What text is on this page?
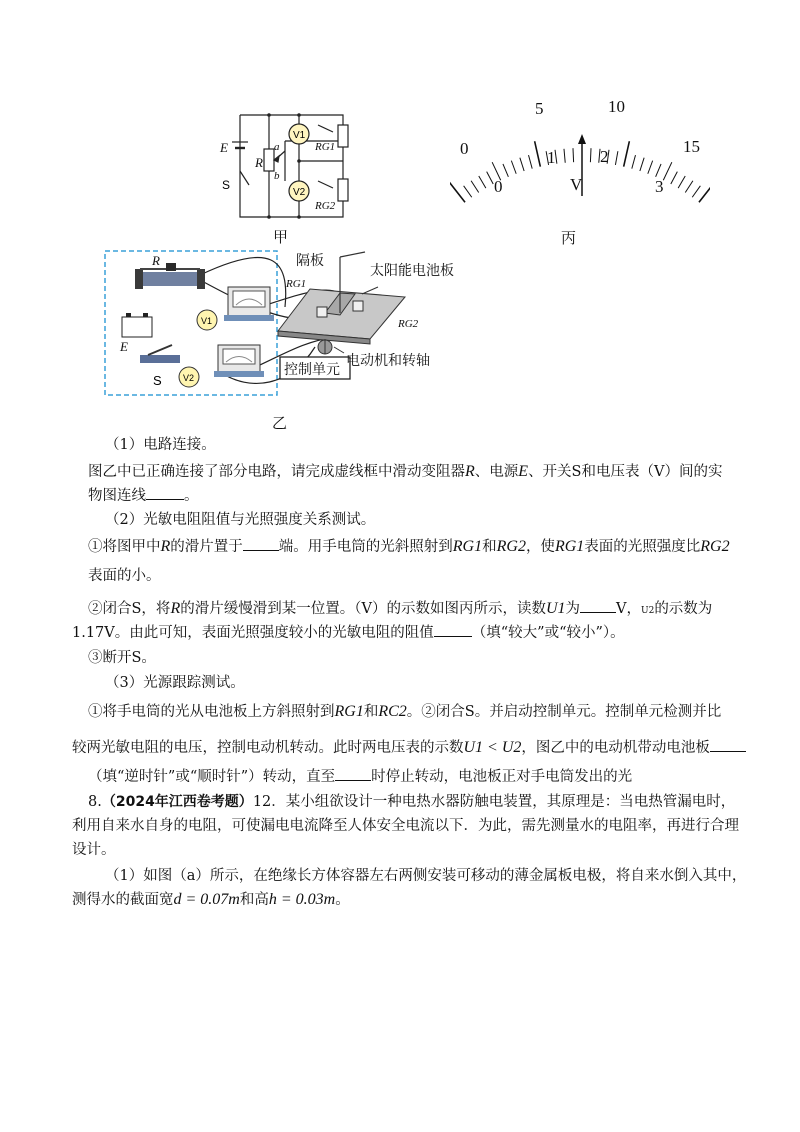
E
R
a
b
RG1
RG2
S
V1
V2
甲
0
5	10
15
0
1	2
3
V
丙
R
E
RG1
RG2
S
V1
V2
隔板
太阳能电池板
电动机和转轴
控制单元
乙
（1）电路连接。
图乙中已正确连接了部分电路，请完成虚线框中滑动变阻器R、电源E、开关S和电压表（V）间的实
物图连线	。
（2）光敏电阻阻值与光照强度关系测试。
①将图甲中R的滑片置于 端。用手电筒的光斜照射到RG1和RG2，使RG1表面的光照强度比RG2
表面的小。
②闭合S，将R的滑片缓慢滑到某一位置。（V）的示数如图丙所示，读数U1为 V，U2的示数为
1.17V。由此可知，表面光照强度较小的光敏电阻的阻值	（填“较大”或“较小”）。
③断开S。
（3）光源跟踪测试。
①将手电筒的光从电池板上方斜照射到RG1和RC2。②闭合S。并启动控制单元。控制单元检测并比
较两光敏电阻的电压，控制电动机转动。此时两电压表的示数U1 < U2，图乙中的电动机带动电池板
（填“逆时针”或“顺时针”）转动，直至 时停止转动，电池板正对手电筒发出的光
8.（2024年江西卷考题）12．某小组欲设计一种电热水器防触电装置，其原理是：当电热管漏电时，
利用自来水自身的电阻，可使漏电电流降至人体安全电流以下．为此，需先测量水的电阻率，再进行合理
设计。
（1）如图（a）所示，在绝缘长方体容器左右两侧安装可移动的薄金属板电极，将自来水倒入其中，
测得水的截面宽d = 0.07m和高h = 0.03m。
